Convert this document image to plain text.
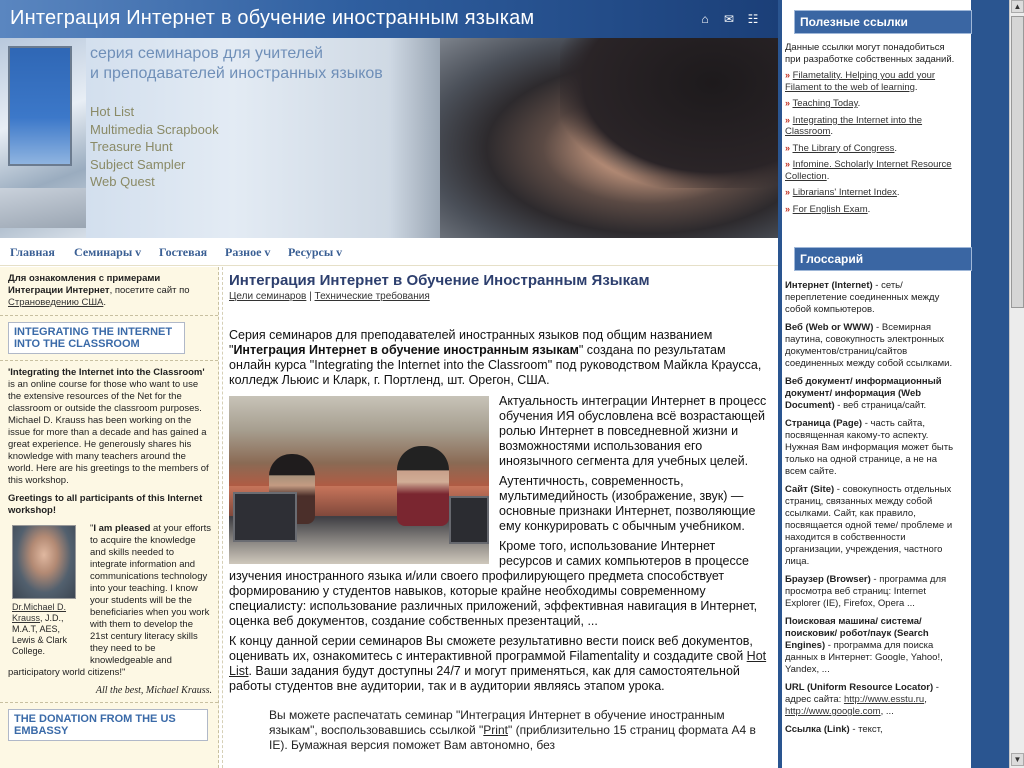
Интеграция Интернет в обучение иностранным языкам	⌂ ✉ ☷
серия семинаров для учителей
и преподавателей иностранных языков
Hot List
Multimedia Scrapbook
Treasure Hunt
Subject Sampler
Web Quest
Главная Семинары v Гостевая Разное v Ресурсы v

Для ознакомления с примерами Интеграции Интернет, посетите сайт по Страноведению США.

INTEGRATING THE INTERNET INTO THE CLASSROOM

'Integrating the Internet into the Classroom' is an online course for those who want to use the extensive resources of the Net for the classroom or outside the classroom purposes. Michael D. Krauss has been working on the issue for more than a decade and has gained a great experience. He generously shares his knowledge with many teachers around the world. Here are his greetings to the members of this workshop.

Greetings to all participants of this Internet workshop!

Dr.Michael D. Krauss, J.D., M.A.T, AES, Lewis & Clark College.

"I am pleased at your efforts to acquire the knowledge and skills needed to integrate information and communications technology into your teaching. I know your students will be the beneficiaries when you work with them to develop the 21st century literacy skills they need to be knowledgeable and participatory world citizens!"

All the best, Michael Krauss.
THE DONATION FROM THE US EMBASSY
Интеграция Интернет в Обучение Иностранным Языкам
Цели семинаров | Технические требования

Серия семинаров для преподавателей иностранных языков под общим названием "Интеграция Интернет в обучение иностранным языкам" создана по результатам онлайн курса "Integrating the Internet into the Classroom" под руководством Майкла Краусса, колледж Льюис и Кларк, г. Портленд, шт. Орегон, США.

Актуальность интеграции Интернет в процесс обучения ИЯ обусловлена всё возрастающей ролью Интернет в повседневной жизни и возможностями использования его иноязычного сегмента для учебных целей.

Аутентичность, современность, мультимедийность (изображение, звук) — основные признаки Интернет, позволяющие ему конкурировать с обычным учебником.

Кроме того, использование Интернет ресурсов и самих компьютеров в процессе изучения иностранного языка и/или своего профилирующего предмета способствует формированию у студентов навыков, которые крайне необходимы современному специалисту: использование различных приложений, эффективная навигация в Интернет, оценка веб документов, создание собственных презентаций, ...

К концу данной серии семинаров Вы сможете результативно вести поиск веб документов, оценивать их, ознакомитесь с интерактивной программой Filamentality и создадите свой Hot List. Ваши задания будут доступны 24/7 и могут применяться, как для самостоятельной работы студентов вне аудитории, так и в аудитории являясь этапом урока.

Вы можете распечатать семинар "Интеграция Интернет в обучение иностранным языкам", воспользовавшись ссылкой "Print" (приблизительно 15 страниц формата А4 в IE). Бумажная версия поможет Вам автономно, без

Полезные ссылки

Данные ссылки могут понадобиться при разработке собственных заданий.

» Filametality. Helping you add your Filament to the web of learning.
» Teaching Today.
» Integrating the Internet into the Classroom.
» The Library of Congress.
» Infomine. Scholarly Internet Resource Collection.
» Librarians' Internet Index.
» For English Exam.
Глоссарий
Интернет (Internet) - сеть/ переплетение соединенных между собой компьютеров.
Веб (Web or WWW) - Всемирная паутина, совокупность электронных документов/страниц/сайтов соединенных между собой ссылками.
Веб документ/ информационный документ/ информация (Web Document) - веб страница/сайт.
Страница (Page) - часть сайта, посвященная какому-то аспекту. Нужная Вам информация может быть только на одной странице, а не на всем сайте.
Сайт (Site) - совокупность отдельных страниц, связанных между собой ссылками. Сайт, как правило, посвящается одной теме/ проблеме и находится в собственности организации, учреждения, частного лица.
Браузер (Browser) - программа для просмотра веб страниц: Internet Explorer (IE), Firefox, Opera ...
Поисковая машина/ система/поисковик/ робот/паук (Search Engines) - программа для поиска данных в Интернет: Google, Yahoo!, Yandex, ...
URL (Uniform Resource Locator) - адрес сайта: http://www.esstu.ru, http://www.google.com, ...
Ссылка (Link) - текст,
▲
▼
